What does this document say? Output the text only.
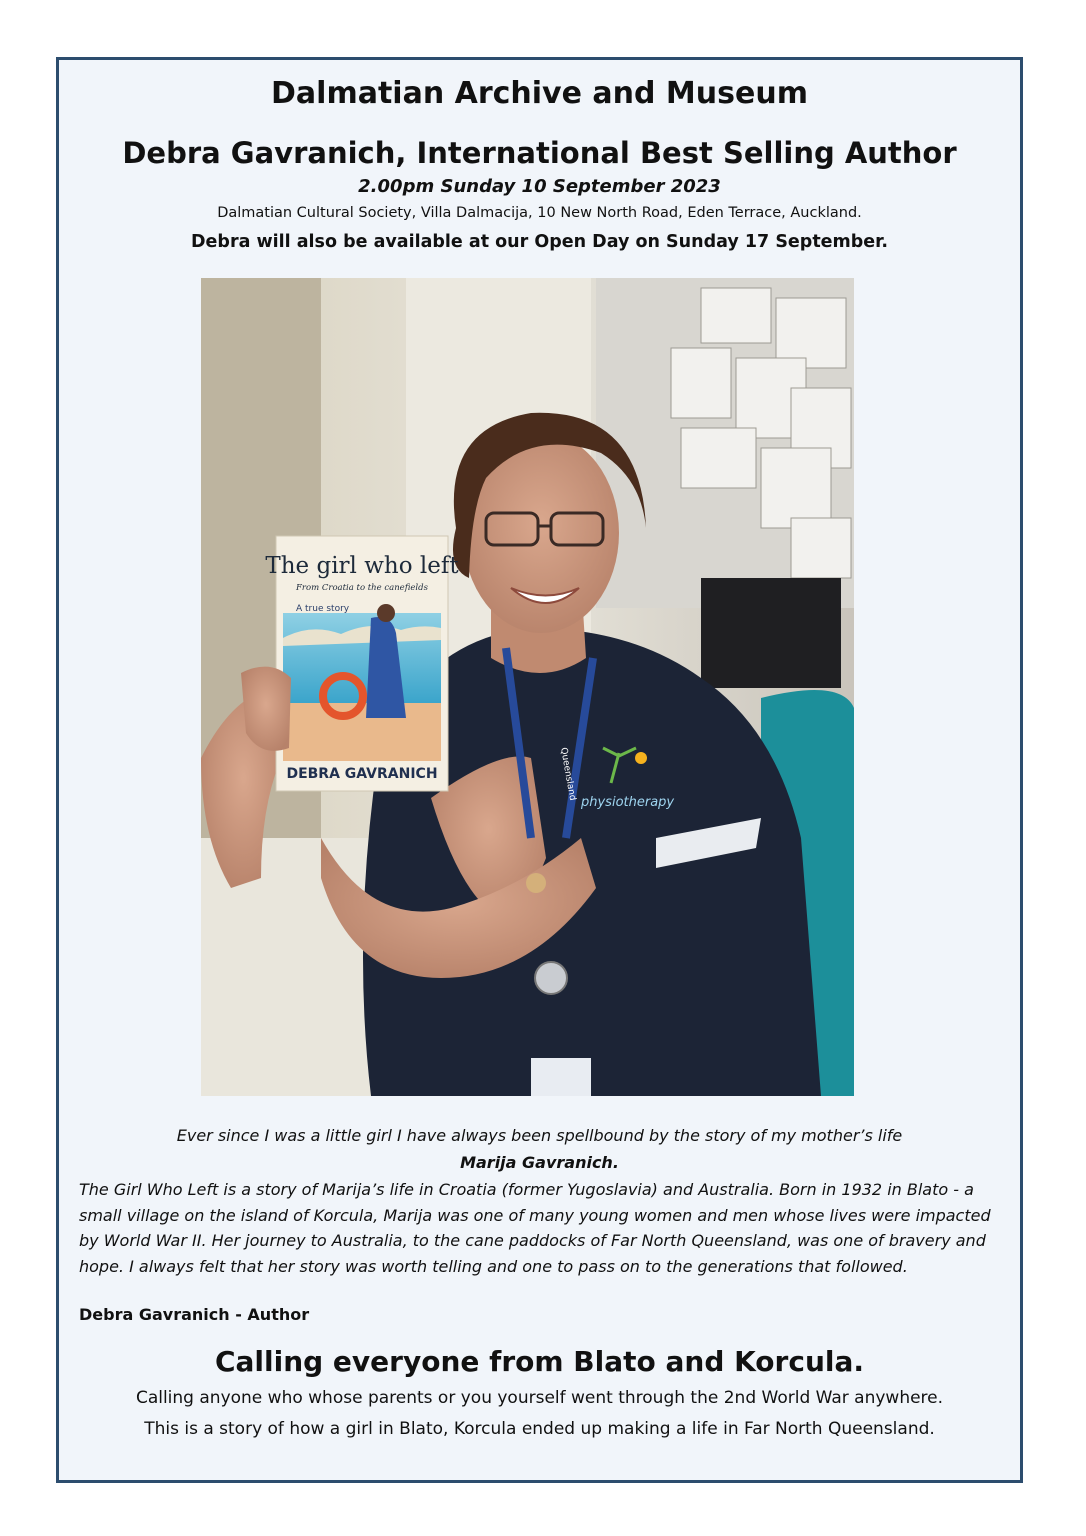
Dalmatian Archive and Museum

Debra Gavranich, International Best Selling Author

2.00pm Sunday 10 September 2023

Dalmatian Cultural Society, Villa Dalmacija, 10 New North Road, Eden Terrace, Auckland.

Debra will also be available at our Open Day on Sunday 17 September.

Queensland
physiotherapy
The girl who left
From Croatia to the canefields
A true story
DEBRA GAVRANICH

Ever since I was a little girl I have always been spellbound by the story of my mother’s life

Marija Gavranich.

The Girl Who Left is a story of Marija’s life in Croatia (former Yugoslavia) and Australia. Born in 1932 in Blato - a small village on the island of Korcula, Marija was one of many young women and men whose lives were impacted by World War II. Her journey to Australia, to the cane paddocks of Far North Queensland, was one of bravery and hope. I always felt that her story was worth telling and one to pass on to the generations that followed.

Debra Gavranich - Author

Calling everyone from Blato and Korcula.

Calling anyone who whose parents or you yourself went through the 2nd World War anywhere.

This is a story of how a girl in Blato, Korcula ended up making a life in Far North Queensland.
